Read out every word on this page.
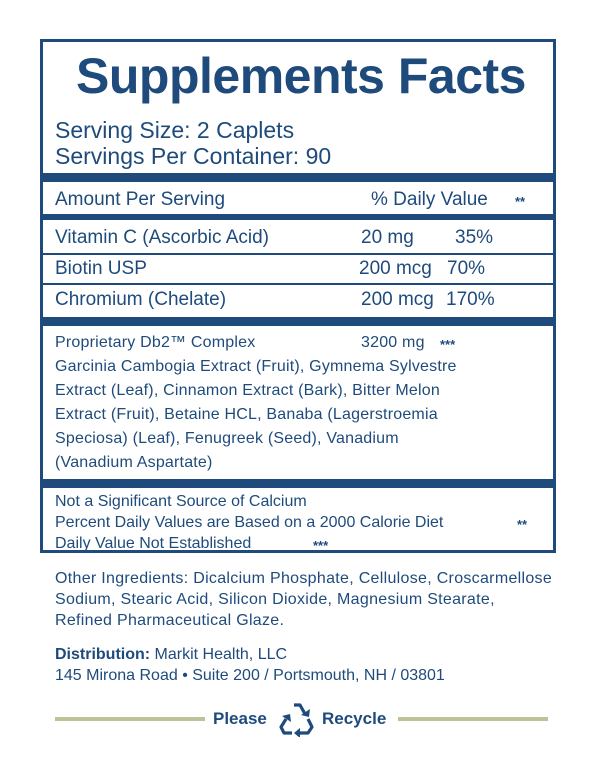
Supplements Facts
Serving Size: 2 Caplets
Servings Per Container: 90
Amount Per Serving	% Daily Value **
Vitamin C (Ascorbic Acid)	20 mg 35%
Biotin USP	200 mcg 70%
Chromium (Chelate)	200 mcg 170%
Proprietary Db2™ Complex	3200 mg ***
Garcinia Cambogia Extract (Fruit), Gymnema Sylvestre
Extract (Leaf), Cinnamon Extract (Bark), Bitter Melon
Extract (Fruit), Betaine HCL, Banaba (Lagerstroemia
Speciosa) (Leaf), Fenugreek (Seed), Vanadium
(Vanadium Aspartate)
Not a Significant Source of Calcium
Percent Daily Values are Based on a 2000 Calorie Diet	**
Daily Value Not Established	***
Other Ingredients: Dicalcium Phosphate, Cellulose, Croscarmellose Sodium, Stearic Acid, Silicon Dioxide, Magnesium Stearate, Refined Pharmaceutical Glaze.
Distribution: Markit Health, LLC
145 Mirona Road • Suite 200 / Portsmouth, NH / 03801
Please	Recycle
